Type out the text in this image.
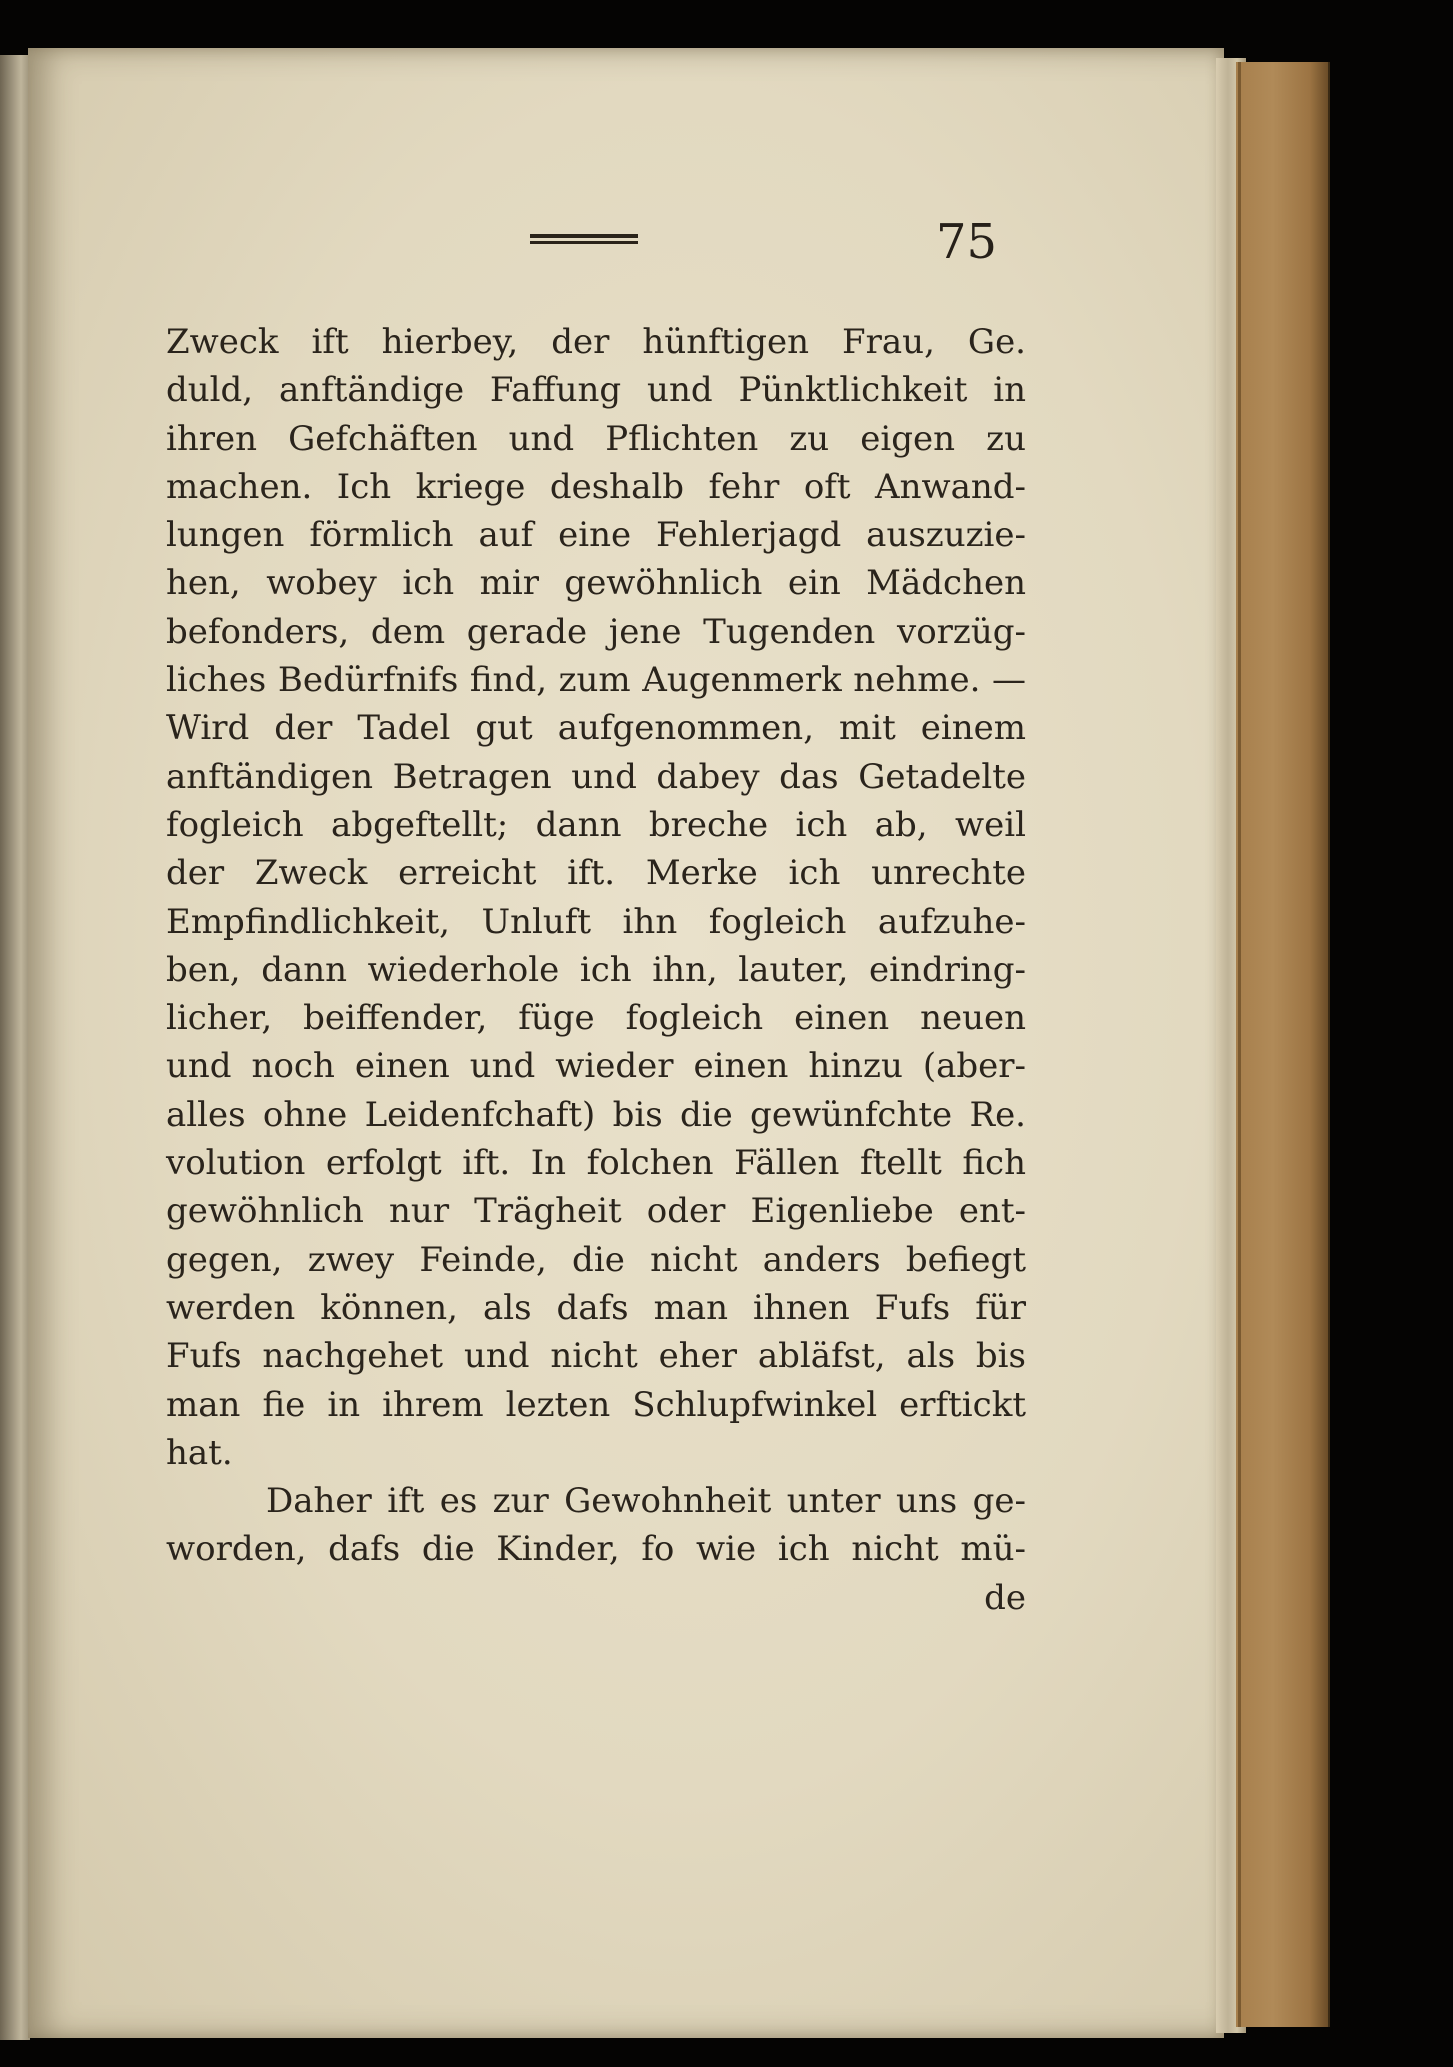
75
Zweck ift hierbey, der hünftigen Frau, Ge.
duld, anftändige Faffung und Pünktlichkeit in
ihren Gefchäften und Pflichten zu eigen zu
machen. Ich kriege deshalb fehr oft Anwand-
lungen förmlich auf eine Fehlerjagd auszuzie-
hen, wobey ich mir gewöhnlich ein Mädchen
befonders, dem gerade jene Tugenden vorzüg-
liches Bedürfnifs find, zum Augenmerk nehme. —
Wird der Tadel gut aufgenommen, mit einem
anftändigen Betragen und dabey das Getadelte
fogleich abgeftellt; dann breche ich ab, weil
der Zweck erreicht ift. Merke ich unrechte
Empfindlichkeit, Unluft ihn fogleich aufzuhe-
ben, dann wiederhole ich ihn, lauter, eindring-
licher, beiffender, füge fogleich einen neuen
und noch einen und wieder einen hinzu (aber-
alles ohne Leidenfchaft) bis die gewünfchte Re.
volution erfolgt ift. In folchen Fällen ftellt fich
gewöhnlich nur Trägheit oder Eigenliebe ent-
gegen, zwey Feinde, die nicht anders befiegt
werden können, als dafs man ihnen Fufs für
Fufs nachgehet und nicht eher abläfst, als bis
man fie in ihrem lezten Schlupfwinkel erftickt
hat.
Daher ift es zur Gewohnheit unter uns ge-
worden, dafs die Kinder, fo wie ich nicht mü-
de
